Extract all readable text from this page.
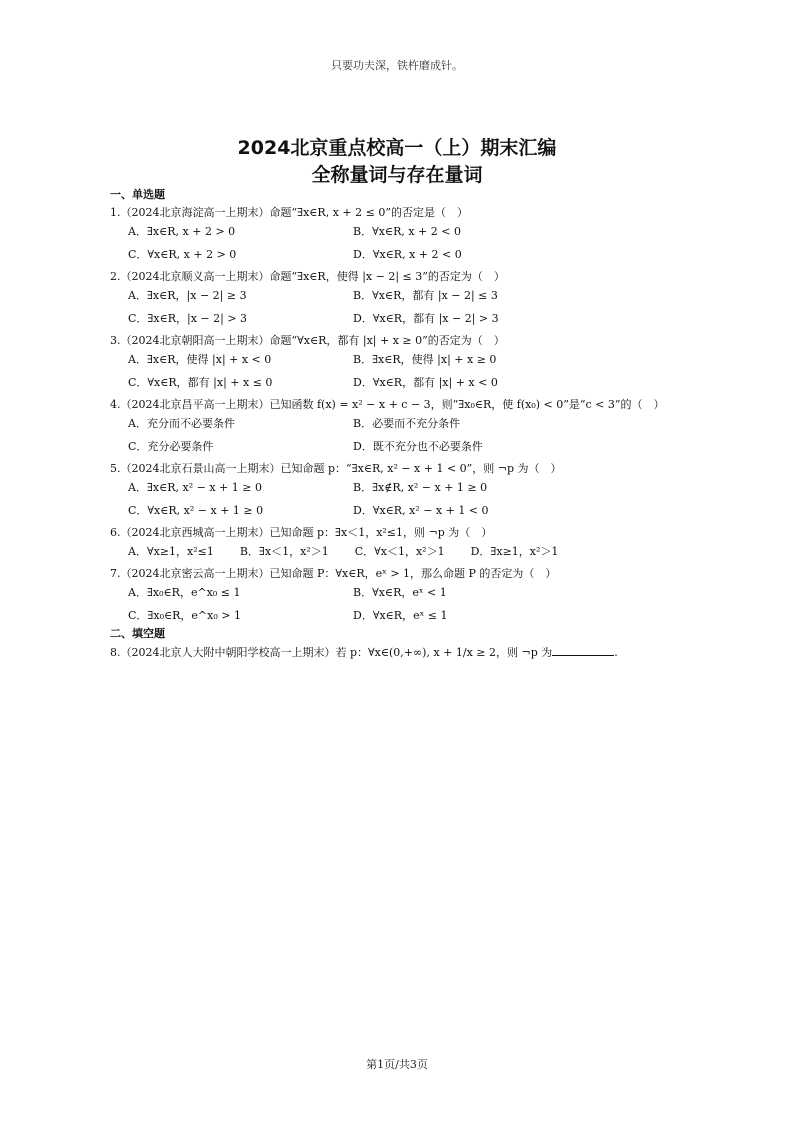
只要功夫深，铁杵磨成针。
2024北京重点校高一（上）期末汇编
全称量词与存在量词
一、单选题
1.（2024北京海淀高一上期末）命题“∃x∈R, x + 2 ≤ 0”的否定是（　）
A．∃x∈R, x + 2 > 0	B．∀x∈R, x + 2 < 0
C．∀x∈R, x + 2 > 0	D．∀x∈R, x + 2 < 0
2.（2024北京顺义高一上期末）命题“∃x∈R，使得 |x − 2| ≤ 3”的否定为（　）
A．∃x∈R，|x − 2| ≥ 3	B．∀x∈R，都有 |x − 2| ≤ 3
C．∃x∈R，|x − 2| > 3	D．∀x∈R，都有 |x − 2| > 3
3.（2024北京朝阳高一上期末）命题“∀x∈R，都有 |x| + x ≥ 0”的否定为（　）
A．∃x∈R，使得 |x| + x < 0	B．∃x∈R，使得 |x| + x ≥ 0
C．∀x∈R，都有 |x| + x ≤ 0	D．∀x∈R，都有 |x| + x < 0
4.（2024北京昌平高一上期末）已知函数 f(x) = x² − x + c − 3，则“∃x₀∈R，使 f(x₀) < 0”是“c < 3”的（　）
A．充分而不必要条件	B．必要而不充分条件
C．充分必要条件	D．既不充分也不必要条件
5.（2024北京石景山高一上期末）已知命题 p：“∃x∈R, x² − x + 1 < 0”，则 ¬p 为（　）
A．∃x∈R, x² − x + 1 ≥ 0	B．∃x∉R, x² − x + 1 ≥ 0
C．∀x∈R, x² − x + 1 ≥ 0	D．∀x∈R, x² − x + 1 < 0
6.（2024北京西城高一上期末）已知命题 p：∃x＜1，x²≤1，则 ¬p 为（　）
A．∀x≥1，x²≤1 B．∃x＜1，x²＞1 C．∀x＜1，x²＞1 D．∃x≥1，x²＞1
7.（2024北京密云高一上期末）已知命题 P：∀x∈R，eˣ > 1，那么命题 P 的否定为（　）
A．∃x₀∈R，e^x₀ ≤ 1	B．∀x∈R，eˣ < 1
C．∃x₀∈R，e^x₀ > 1	D．∀x∈R，eˣ ≤ 1
二、填空题
8.（2024北京人大附中朝阳学校高一上期末）若 p：∀x∈(0,+∞), x + 1/x ≥ 2，则 ¬p 为	.
第1页/共3页
